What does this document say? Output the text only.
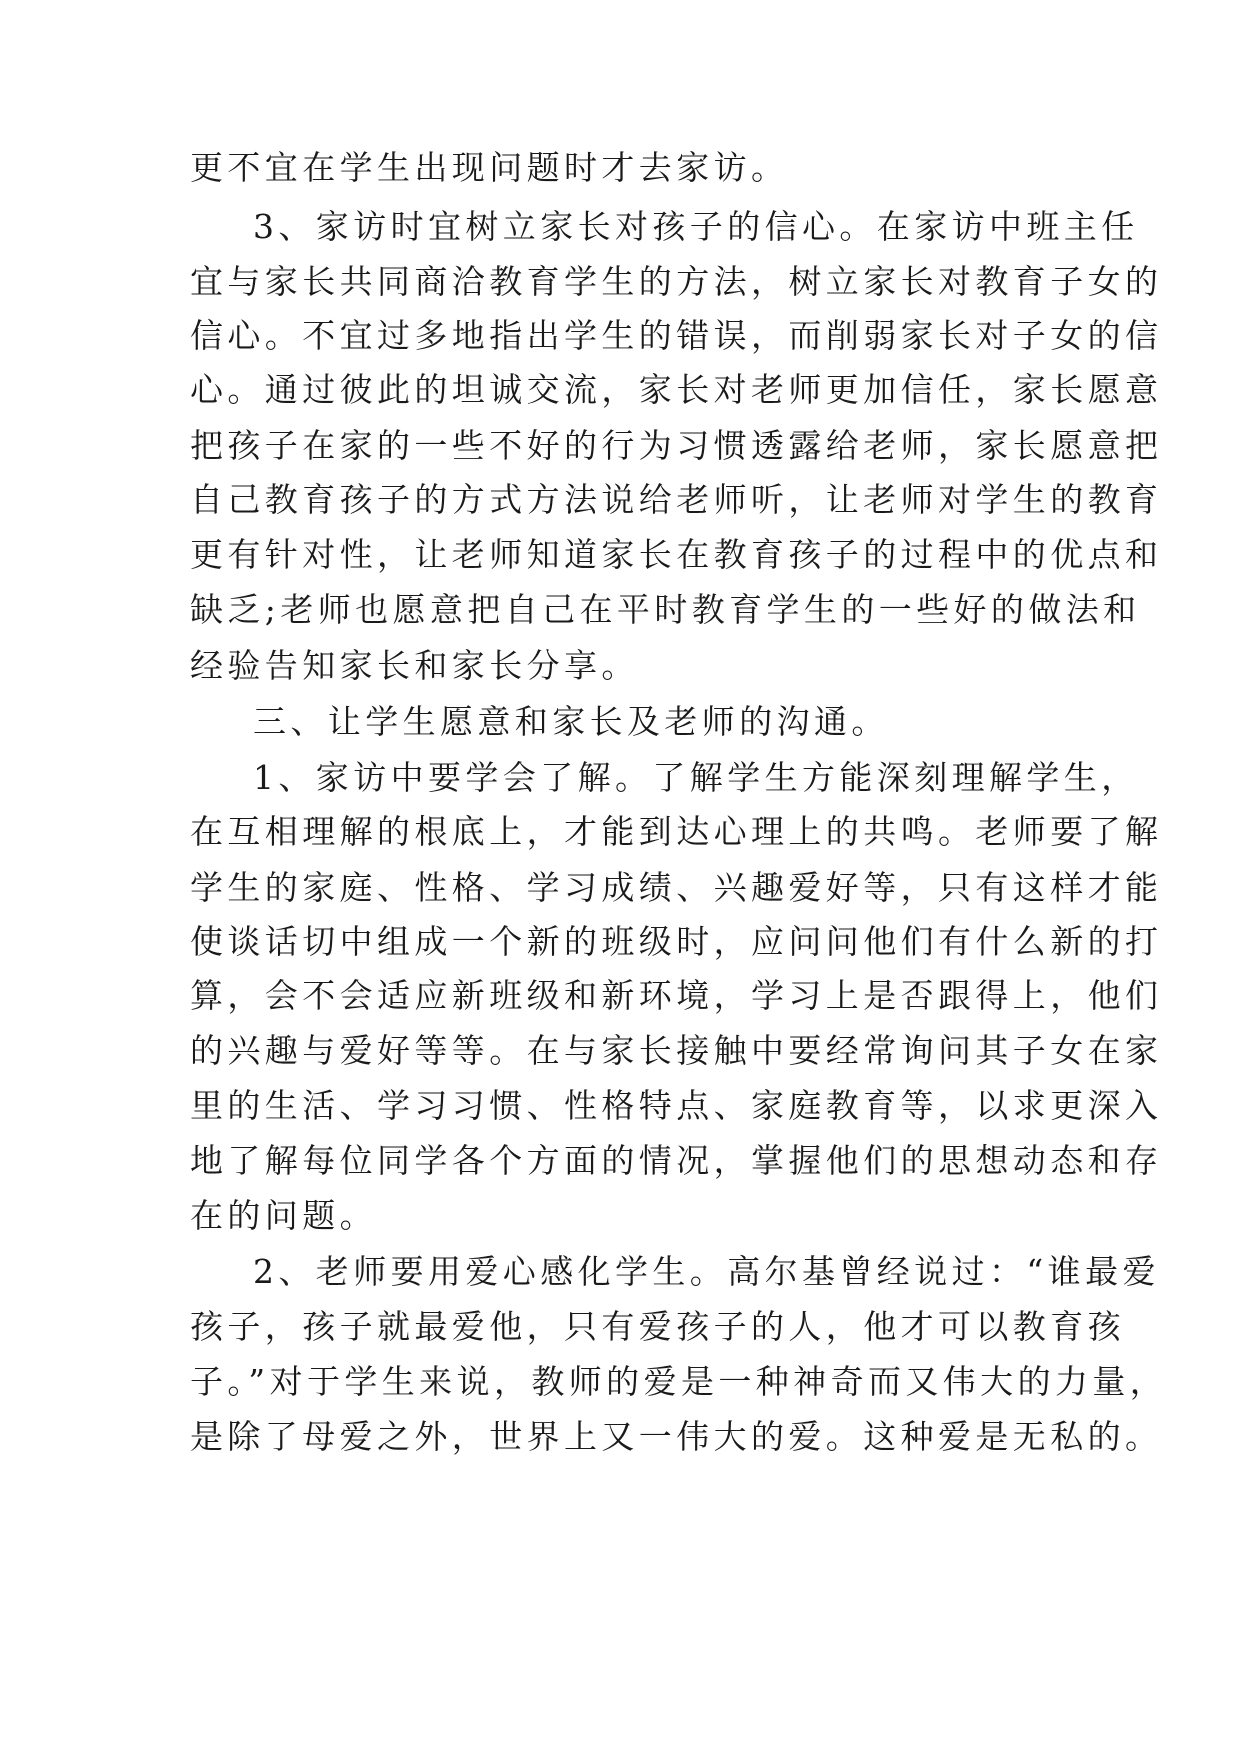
更不宜在学生出现问题时才去家访。
3、家访时宜树立家长对孩子的信心。在家访中班主任
宜与家长共同商洽教育学生的方法，树立家长对教育子女的
信心。不宜过多地指出学生的错误，而削弱家长对子女的信
心。通过彼此的坦诚交流，家长对老师更加信任，家长愿意
把孩子在家的一些不好的行为习惯透露给老师，家长愿意把
自己教育孩子的方式方法说给老师听，让老师对学生的教育
更有针对性，让老师知道家长在教育孩子的过程中的优点和
缺乏;老师也愿意把自己在平时教育学生的一些好的做法和
经验告知家长和家长分享。
三、让学生愿意和家长及老师的沟通。
1、家访中要学会了解。了解学生方能深刻理解学生，
在互相理解的根底上，才能到达心理上的共鸣。老师要了解
学生的家庭、性格、学习成绩、兴趣爱好等，只有这样才能
使谈话切中组成一个新的班级时，应问问他们有什么新的打
算，会不会适应新班级和新环境，学习上是否跟得上，他们
的兴趣与爱好等等。在与家长接触中要经常询问其子女在家
里的生活、学习习惯、性格特点、家庭教育等，以求更深入
地了解每位同学各个方面的情况，掌握他们的思想动态和存
在的问题。
2、老师要用爱心感化学生。高尔基曾经说过：“谁最爱
孩子，孩子就最爱他，只有爱孩子的人，他才可以教育孩
子。”对于学生来说，教师的爱是一种神奇而又伟大的力量，
是除了母爱之外，世界上又一伟大的爱。这种爱是无私的。
